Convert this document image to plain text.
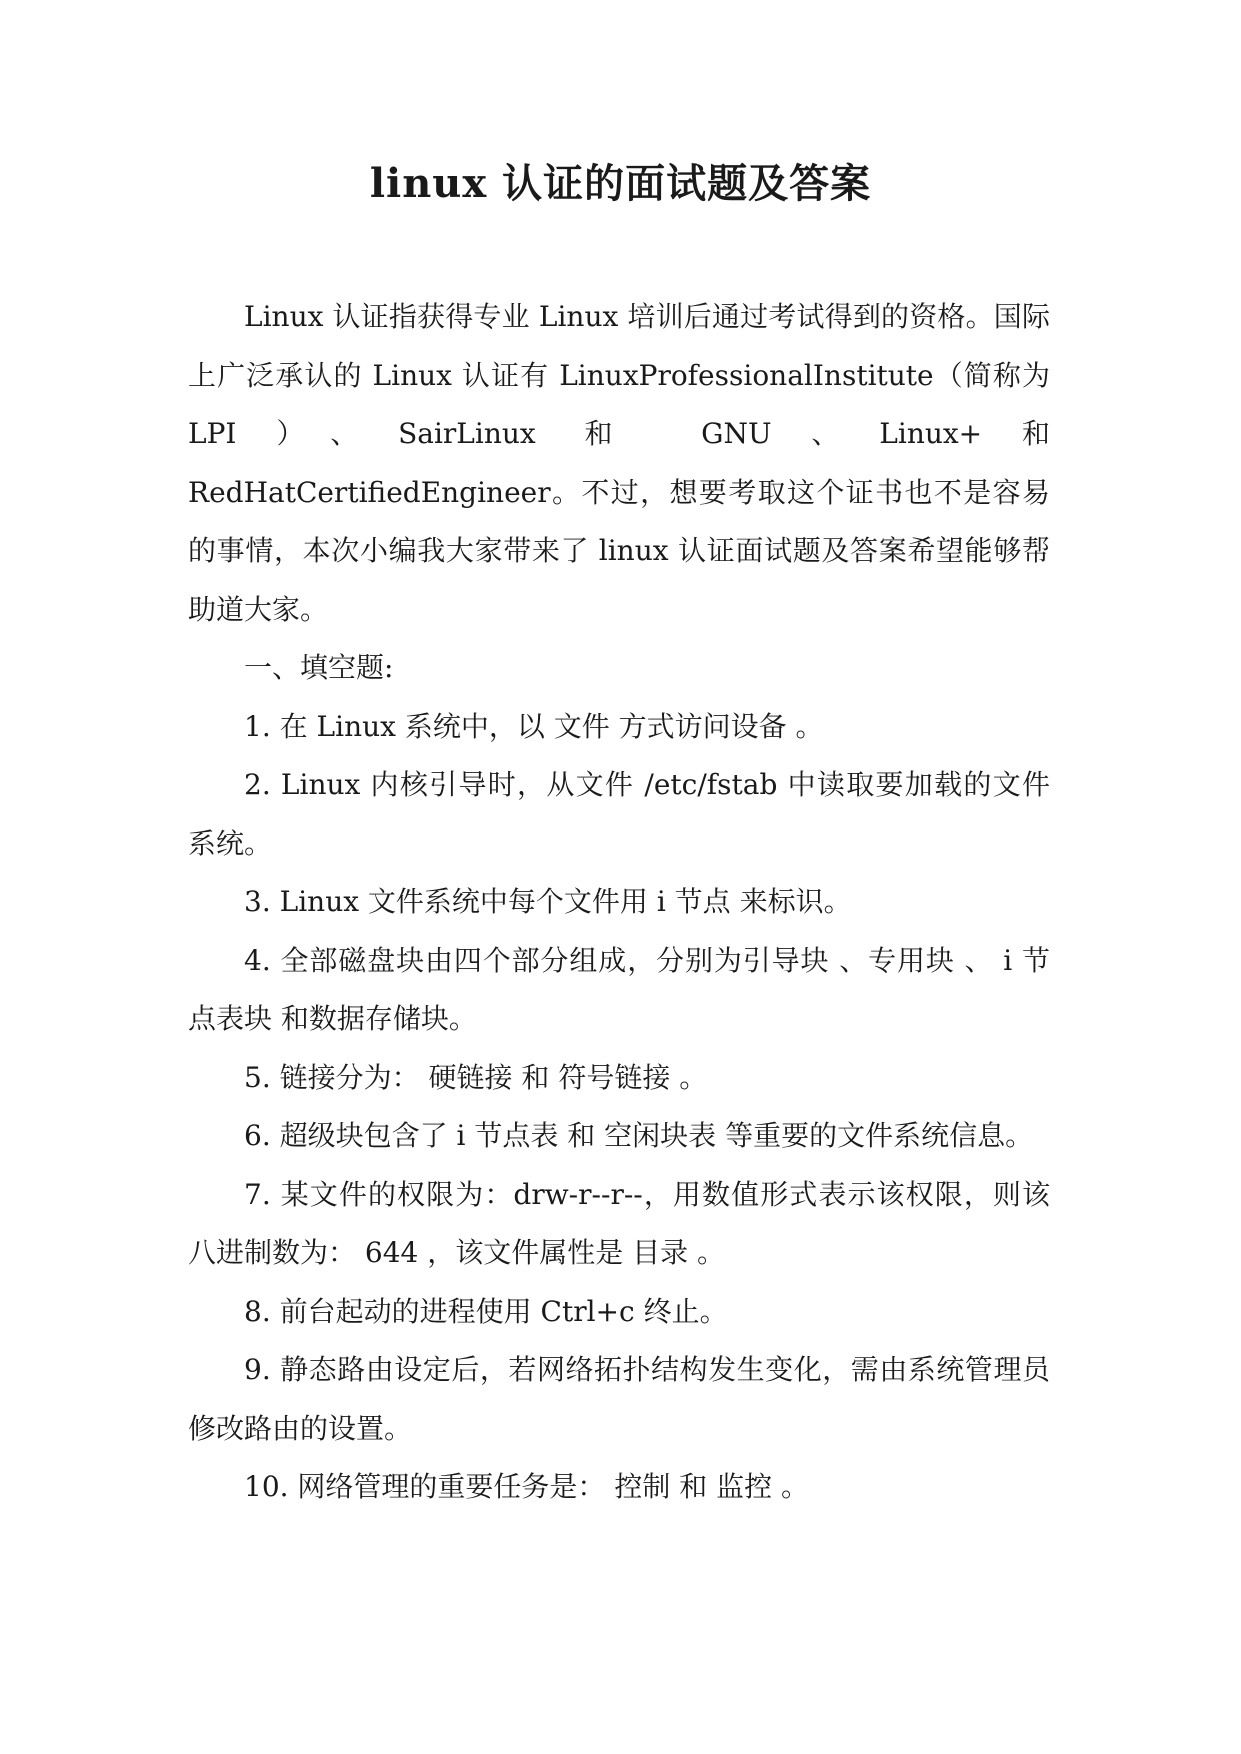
linux 认证的面试题及答案

Linux 认证指获得专业 Linux 培训后通过考试得到的资格。国际上广泛承认的 Linux 认证有 LinuxProfessionalInstitute（简称为 LPI）、SairLinux 和 GNU、Linux+和 RedHatCertifiedEngineer。不过，想要考取这个证书也不是容易的事情，本次小编我大家带来了 linux 认证面试题及答案希望能够帮助道大家。

一、填空题:

1. 在 Linux 系统中，以 文件 方式访问设备 。

2. Linux 内核引导时，从文件 /etc/fstab 中读取要加载的文件系统。

3. Linux 文件系统中每个文件用 i 节点 来标识。

4. 全部磁盘块由四个部分组成，分别为引导块 、专用块 、 i 节点表块 和数据存储块。

5. 链接分为： 硬链接 和 符号链接 。

6. 超级块包含了 i 节点表 和 空闲块表 等重要的文件系统信息。

7. 某文件的权限为：drw-r--r--，用数值形式表示该权限，则该八进制数为： 644 ，该文件属性是 目录 。

8. 前台起动的进程使用 Ctrl+c 终止。

9. 静态路由设定后，若网络拓扑结构发生变化，需由系统管理员修改路由的设置。

10. 网络管理的重要任务是： 控制 和 监控 。
